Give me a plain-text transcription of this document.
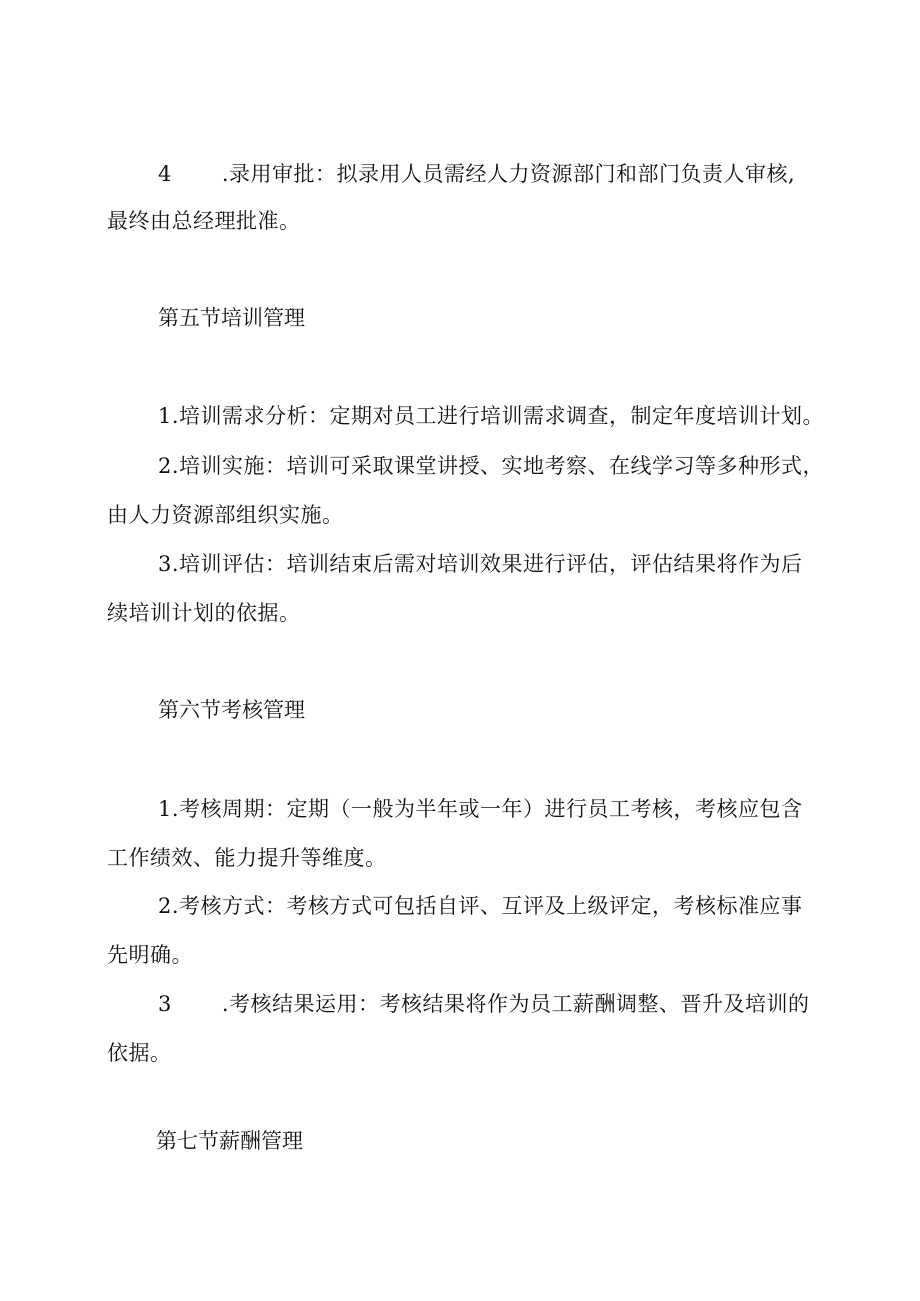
4 .录用审批：拟录用人员需经人力资源部门和部门负责人审核,
最终由总经理批准。
第五节培训管理
1.培训需求分析：定期对员工进行培训需求调查，制定年度培训计划。
2.培训实施：培训可采取课堂讲授、实地考察、在线学习等多种形式，
由人力资源部组织实施。
3.培训评估：培训结束后需对培训效果进行评估，评估结果将作为后
续培训计划的依据。
第六节考核管理
1.考核周期：定期（一般为半年或一年）进行员工考核，考核应包含
工作绩效、能力提升等维度。
2.考核方式：考核方式可包括自评、互评及上级评定，考核标准应事
先明确。
3 .考核结果运用：考核结果将作为员工薪酬调整、晋升及培训的
依据。
第七节薪酬管理
